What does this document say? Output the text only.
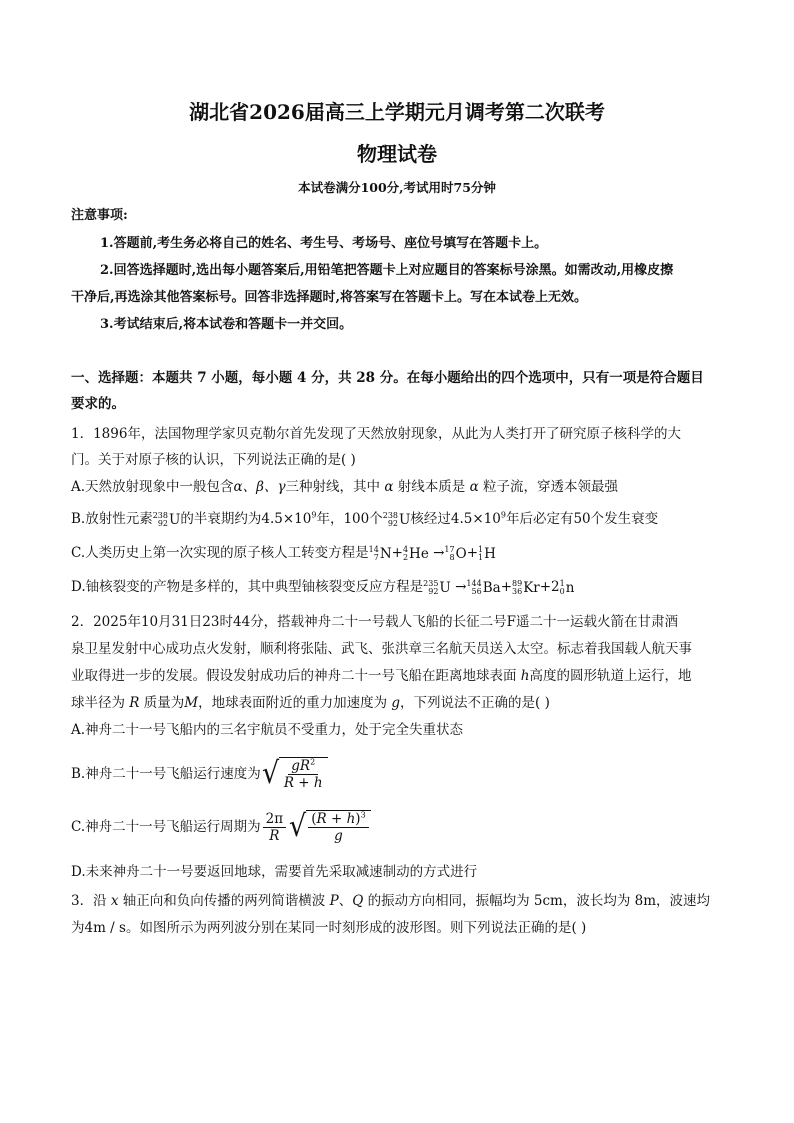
湖北省2026届高三上学期元月调考第二次联考
物理试卷
本试卷满分100分,考试用时75分钟
注意事项:
1.答题前,考生务必将自己的姓名、考生号、考场号、座位号填写在答题卡上。
2.回答选择题时,选出每小题答案后,用铅笔把答题卡上对应题目的答案标号涂黑。如需改动,用橡皮擦
干净后,再选涂其他答案标号。回答非选择题时,将答案写在答题卡上。写在本试卷上无效。
3.考试结束后,将本试卷和答题卡一并交回。
一、选择题：本题共 7 小题，每小题 4 分，共 28 分。在每小题给出的四个选项中，只有一项是符合题目
要求的。
1．1896年，法国物理学家贝克勒尔首先发现了天然放射现象，从此为人类打开了研究原子核科学的大
门。关于对原子核的认识，下列说法正确的是( )
A.天然放射现象中一般包含α、β、γ三种射线，其中 α 射线本质是 α 粒子流，穿透本领最强
B.放射性元素 238
92 U的半衰期约为$4.5\times 10^9$年，100个 238
92 U核经过$4.5\times 10^9$年后必定有50个发生衰变
C.人类历史上第一次实现的原子核人工转变方程是 14
7 N+ 4
2 He → 17
8 O+ 1
1 H
D.铀核裂变的产物是多样的，其中典型铀核裂变反应方程是 235
92 U → 144
56 Ba+ 89
36 Kr+2 1
0 n
2．2025年10月31日23时44分，搭载神舟二十一号载人飞船的长征二号F遥二十一运载火箭在甘肃酒
泉卫星发射中心成功点火发射，顺利将张陆、武飞、张洪章三名航天员送入太空。标志着我国载人航天事
业取得进一步的发展。假设发射成功后的神舟二十一号飞船在距离地球表面 h高度的圆形轨道上运行，地
球半径为 R 质量为M，地球表面附近的重力加速度为 g，下列说法不正确的是( )
A.神舟二十一号飞船内的三名宇航员不受重力，处于完全失重状态
B.神舟二十一号飞船运行速度为 √ $\frac{gR^2}{R + h}$
C.神舟二十一号飞船运行周期为 $\frac{2\pi}{R}$ √ $\frac{(R + h)^3}{g}$
D.未来神舟二十一号要返回地球，需要首先采取减速制动的方式进行
3．沿 x 轴正向和负向传播的两列简谐横波 P、Q 的振动方向相同，振幅均为 5cm，波长均为 8m，波速均
为4m / s。如图所示为两列波分别在某同一时刻形成的波形图。则下列说法正确的是( )
